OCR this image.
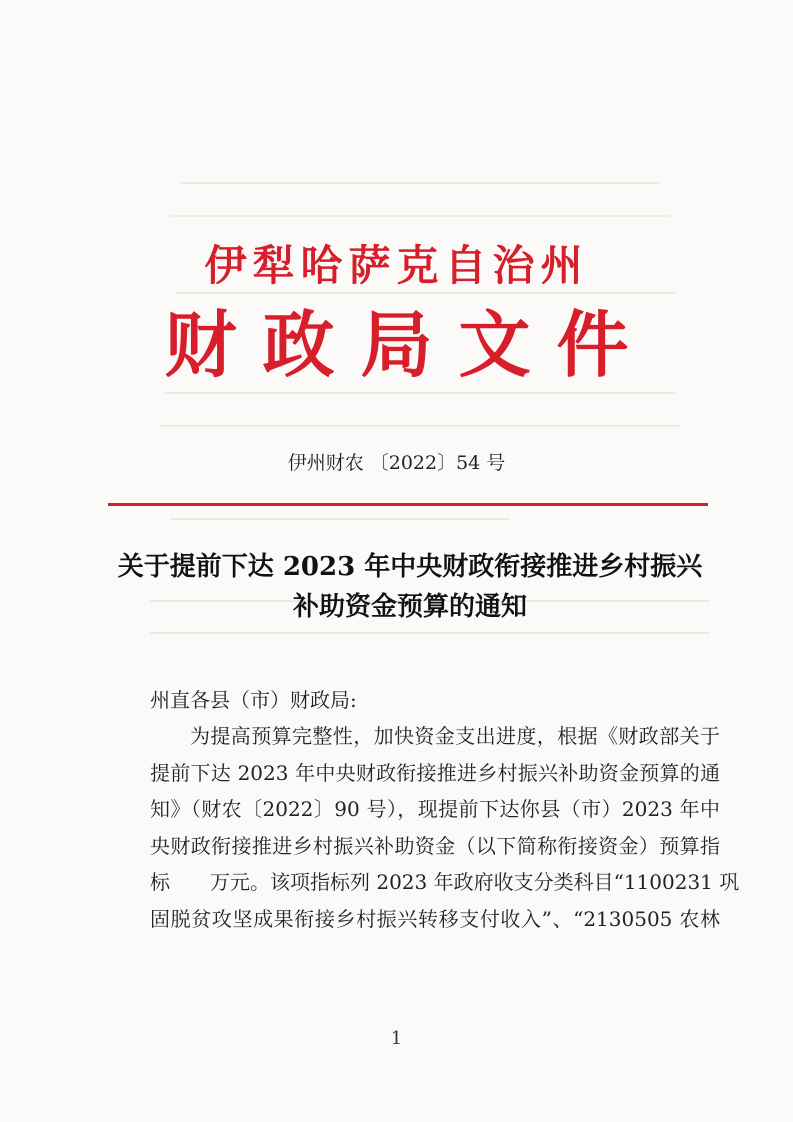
伊犁哈萨克自治州
财政局文件
伊州财农 〔2022〕54 号
关于提前下达 2023 年中央财政衔接推进乡村振兴
补助资金预算的通知
州直各县（市）财政局:
为提高预算完整性，加快资金支出进度，根据《财政部关于
提前下达 2023 年中央财政衔接推进乡村振兴补助资金预算的通
知》（财农〔2022〕90 号），现提前下达你县（市）2023 年中
央财政衔接推进乡村振兴补助资金（以下简称衔接资金）预算指
标　　万元。该项指标列 2023 年政府收支分类科目“1100231 巩
固脱贫攻坚成果衔接乡村振兴转移支付收入”、“2130505 农林
1
